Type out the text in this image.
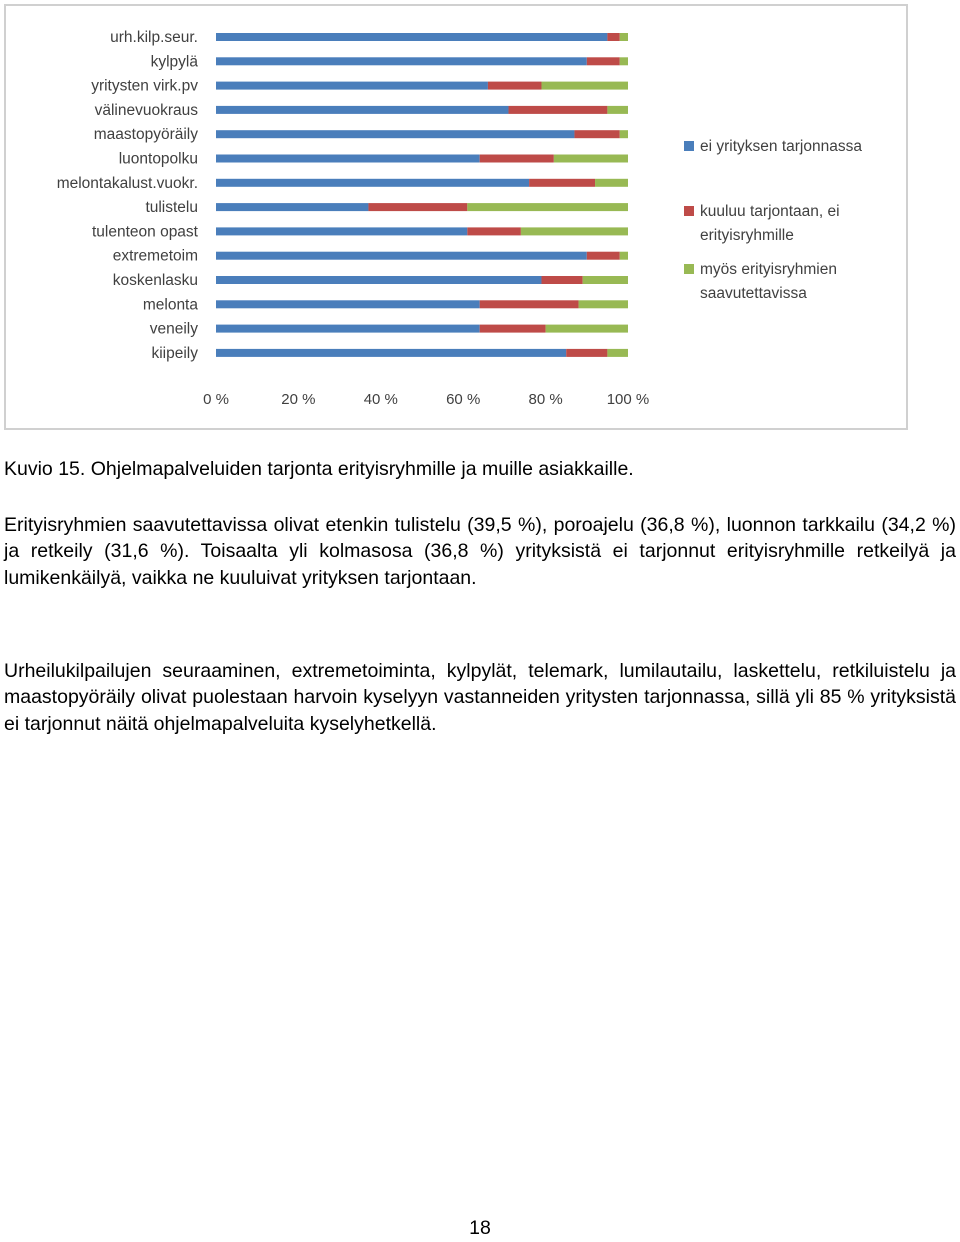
urh.kilp.seur.
kylpylä
yritysten virk.pv
välinevuokraus
maastopyöräily
luontopolku
melontakalust.vuokr.
tulistelu
tulenteon opast
extremetoim
koskenlasku
melonta
veneily
kiipeily
0 %	20 %	40 %	60 %	80 %	100 %
ei yrityksen tarjonnassa
kuuluu tarjontaan, ei erityisryhmille
myös erityisryhmien saavutettavissa
Kuvio 15. Ohjelmapalveluiden tarjonta erityisryhmille ja muille asiakkaille.

Erityisryhmien saavutettavissa olivat etenkin tulistelu (39,5 %), poroajelu (36,8 %), luonnon tarkkailu (34,2 %) ja retkeily (31,6 %). Toisaalta yli kolmasosa (36,8 %) yrityksistä ei tarjonnut erityisryhmille retkeilyä ja lumikenkäilyä, vaikka ne kuuluivat yrityksen tarjontaan.

Urheilukilpailujen seuraaminen, extremetoiminta, kylpylät, telemark, lumilautailu, laskettelu, retkiluistelu ja maastopyöräily olivat puolestaan harvoin kyselyyn vastanneiden yritysten tarjonnassa, sillä yli 85 % yrityksistä ei tarjonnut näitä ohjelmapalveluita kyselyhetkellä.

18
